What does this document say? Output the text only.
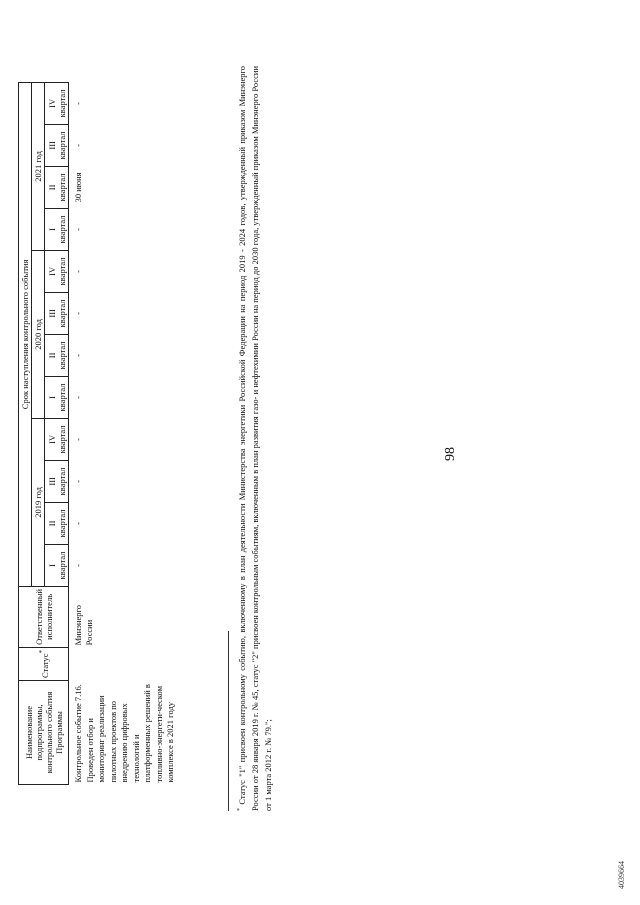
98
Наименование подпрограммы, контрольного события Программы	Статус*	Ответственный исполнитель	Срок наступления контрольного события											
			2019 год				2020 год				2021 год			

			I квартал	II квартал	III квартал	IV квартал	I квартал	II квартал	III квартал	IV квартал	I квартал	II квартал	III квартал	IV квартал

Контрольное событие 7.16. Проведен отбор и мониторинг реализации пилотных проектов по внедрению цифровых технологий и платформенных решений в топливно-энергети-ческом комплексе в 2021 году		Минэнерго России	-	-	-	-	-	-	-	-	-	30 июня	-	-
* Статус "1" присвоен контрольному событию, включенному в план деятельности Министерства энергетики Российской Федерации на период 2019 - 2024 годов, утвержденный приказом Минэнерго России от 28 января 2019 г. № 45, статус "2" присвоен контрольным событиям, включенным в план развития газо- и нефтехимии России на период до 2030 года, утвержденный приказом Минэнерго России от 1 марта 2012 г. № 79.";
4039664
